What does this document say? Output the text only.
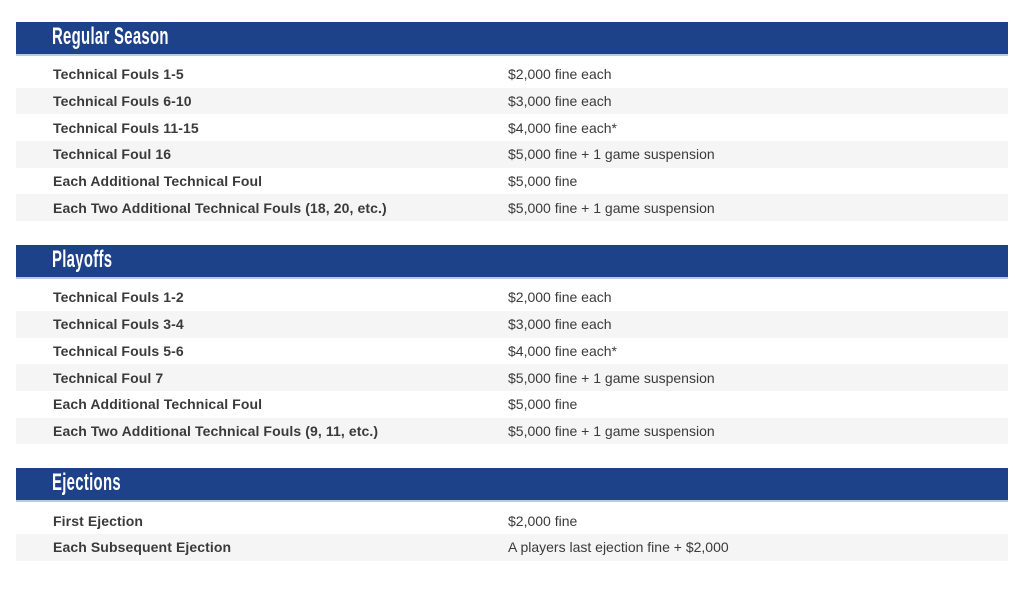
Regular Season
Technical Fouls 1-5	$2,000 fine each
Technical Fouls 6-10	$3,000 fine each
Technical Fouls 11-15	$4,000 fine each*
Technical Foul 16	$5,000 fine + 1 game suspension
Each Additional Technical Foul	$5,000 fine
Each Two Additional Technical Fouls (18, 20, etc.)	$5,000 fine + 1 game suspension
Playoffs
Technical Fouls 1-2	$2,000 fine each
Technical Fouls 3-4	$3,000 fine each
Technical Fouls 5-6	$4,000 fine each*
Technical Foul 7	$5,000 fine + 1 game suspension
Each Additional Technical Foul	$5,000 fine
Each Two Additional Technical Fouls (9, 11, etc.)	$5,000 fine + 1 game suspension
Ejections
First Ejection	$2,000 fine
Each Subsequent Ejection	A players last ejection fine + $2,000
